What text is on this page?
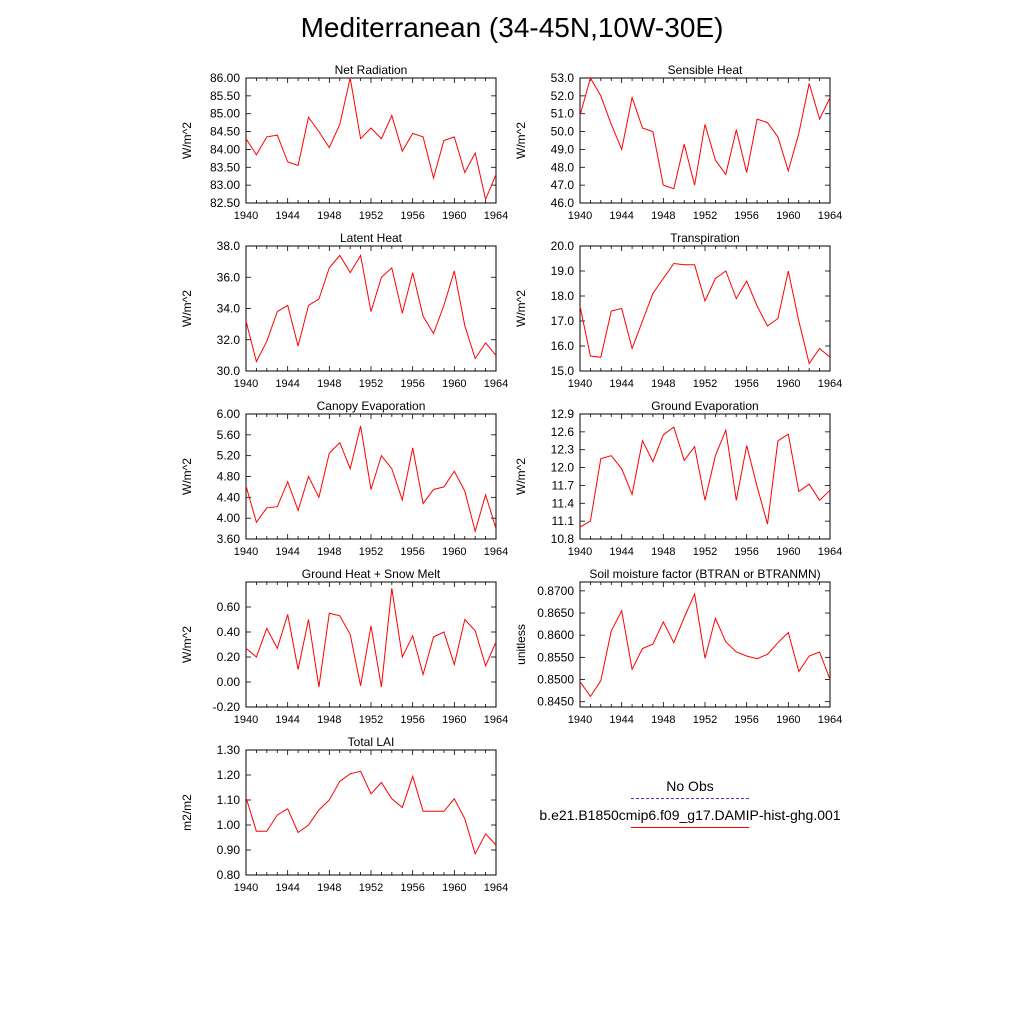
Mediterranean (34-45N,10W-30E)
1940 1944 1948 1952 1956 1960 1964
82.50
83.00
83.50
84.00
84.50
85.00
85.50
86.00
Net Radiation
W/m^2
1940 1944 1948 1952 1956 1960 1964
46.0
47.0
48.0
49.0
50.0
51.0
52.0
53.0
Sensible Heat
W/m^2
1940 1944 1948 1952 1956 1960 1964
30.0
32.0
34.0
36.0
38.0
Latent Heat
W/m^2
1940 1944 1948 1952 1956 1960 1964
15.0
16.0
17.0
18.0
19.0
20.0
Transpiration
W/m^2
1940 1944 1948 1952 1956 1960 1964
3.60
4.00
4.40
4.80
5.20
5.60
6.00
Canopy Evaporation
W/m^2
1940 1944 1948 1952 1956 1960 1964
10.8
11.1
11.4
11.7
12.0
12.3
12.6
12.9
Ground Evaporation
W/m^2
1940 1944 1948 1952 1956 1960 1964
-0.20
0.00
0.20
0.40
0.60
Ground Heat + Snow Melt
W/m^2
1940 1944 1948 1952 1956 1960 1964
0.8450
0.8500
0.8550
0.8600
0.8650
0.8700
Soil moisture factor (BTRAN or BTRANMN)
unitless
1940 1944 1948 1952 1956 1960 1964
0.80
0.90
1.00
1.10
1.20
1.30
Total LAI
m2/m2
No Obs
b.e21.B1850cmip6.f09_g17.DAMIP-hist-ghg.001
